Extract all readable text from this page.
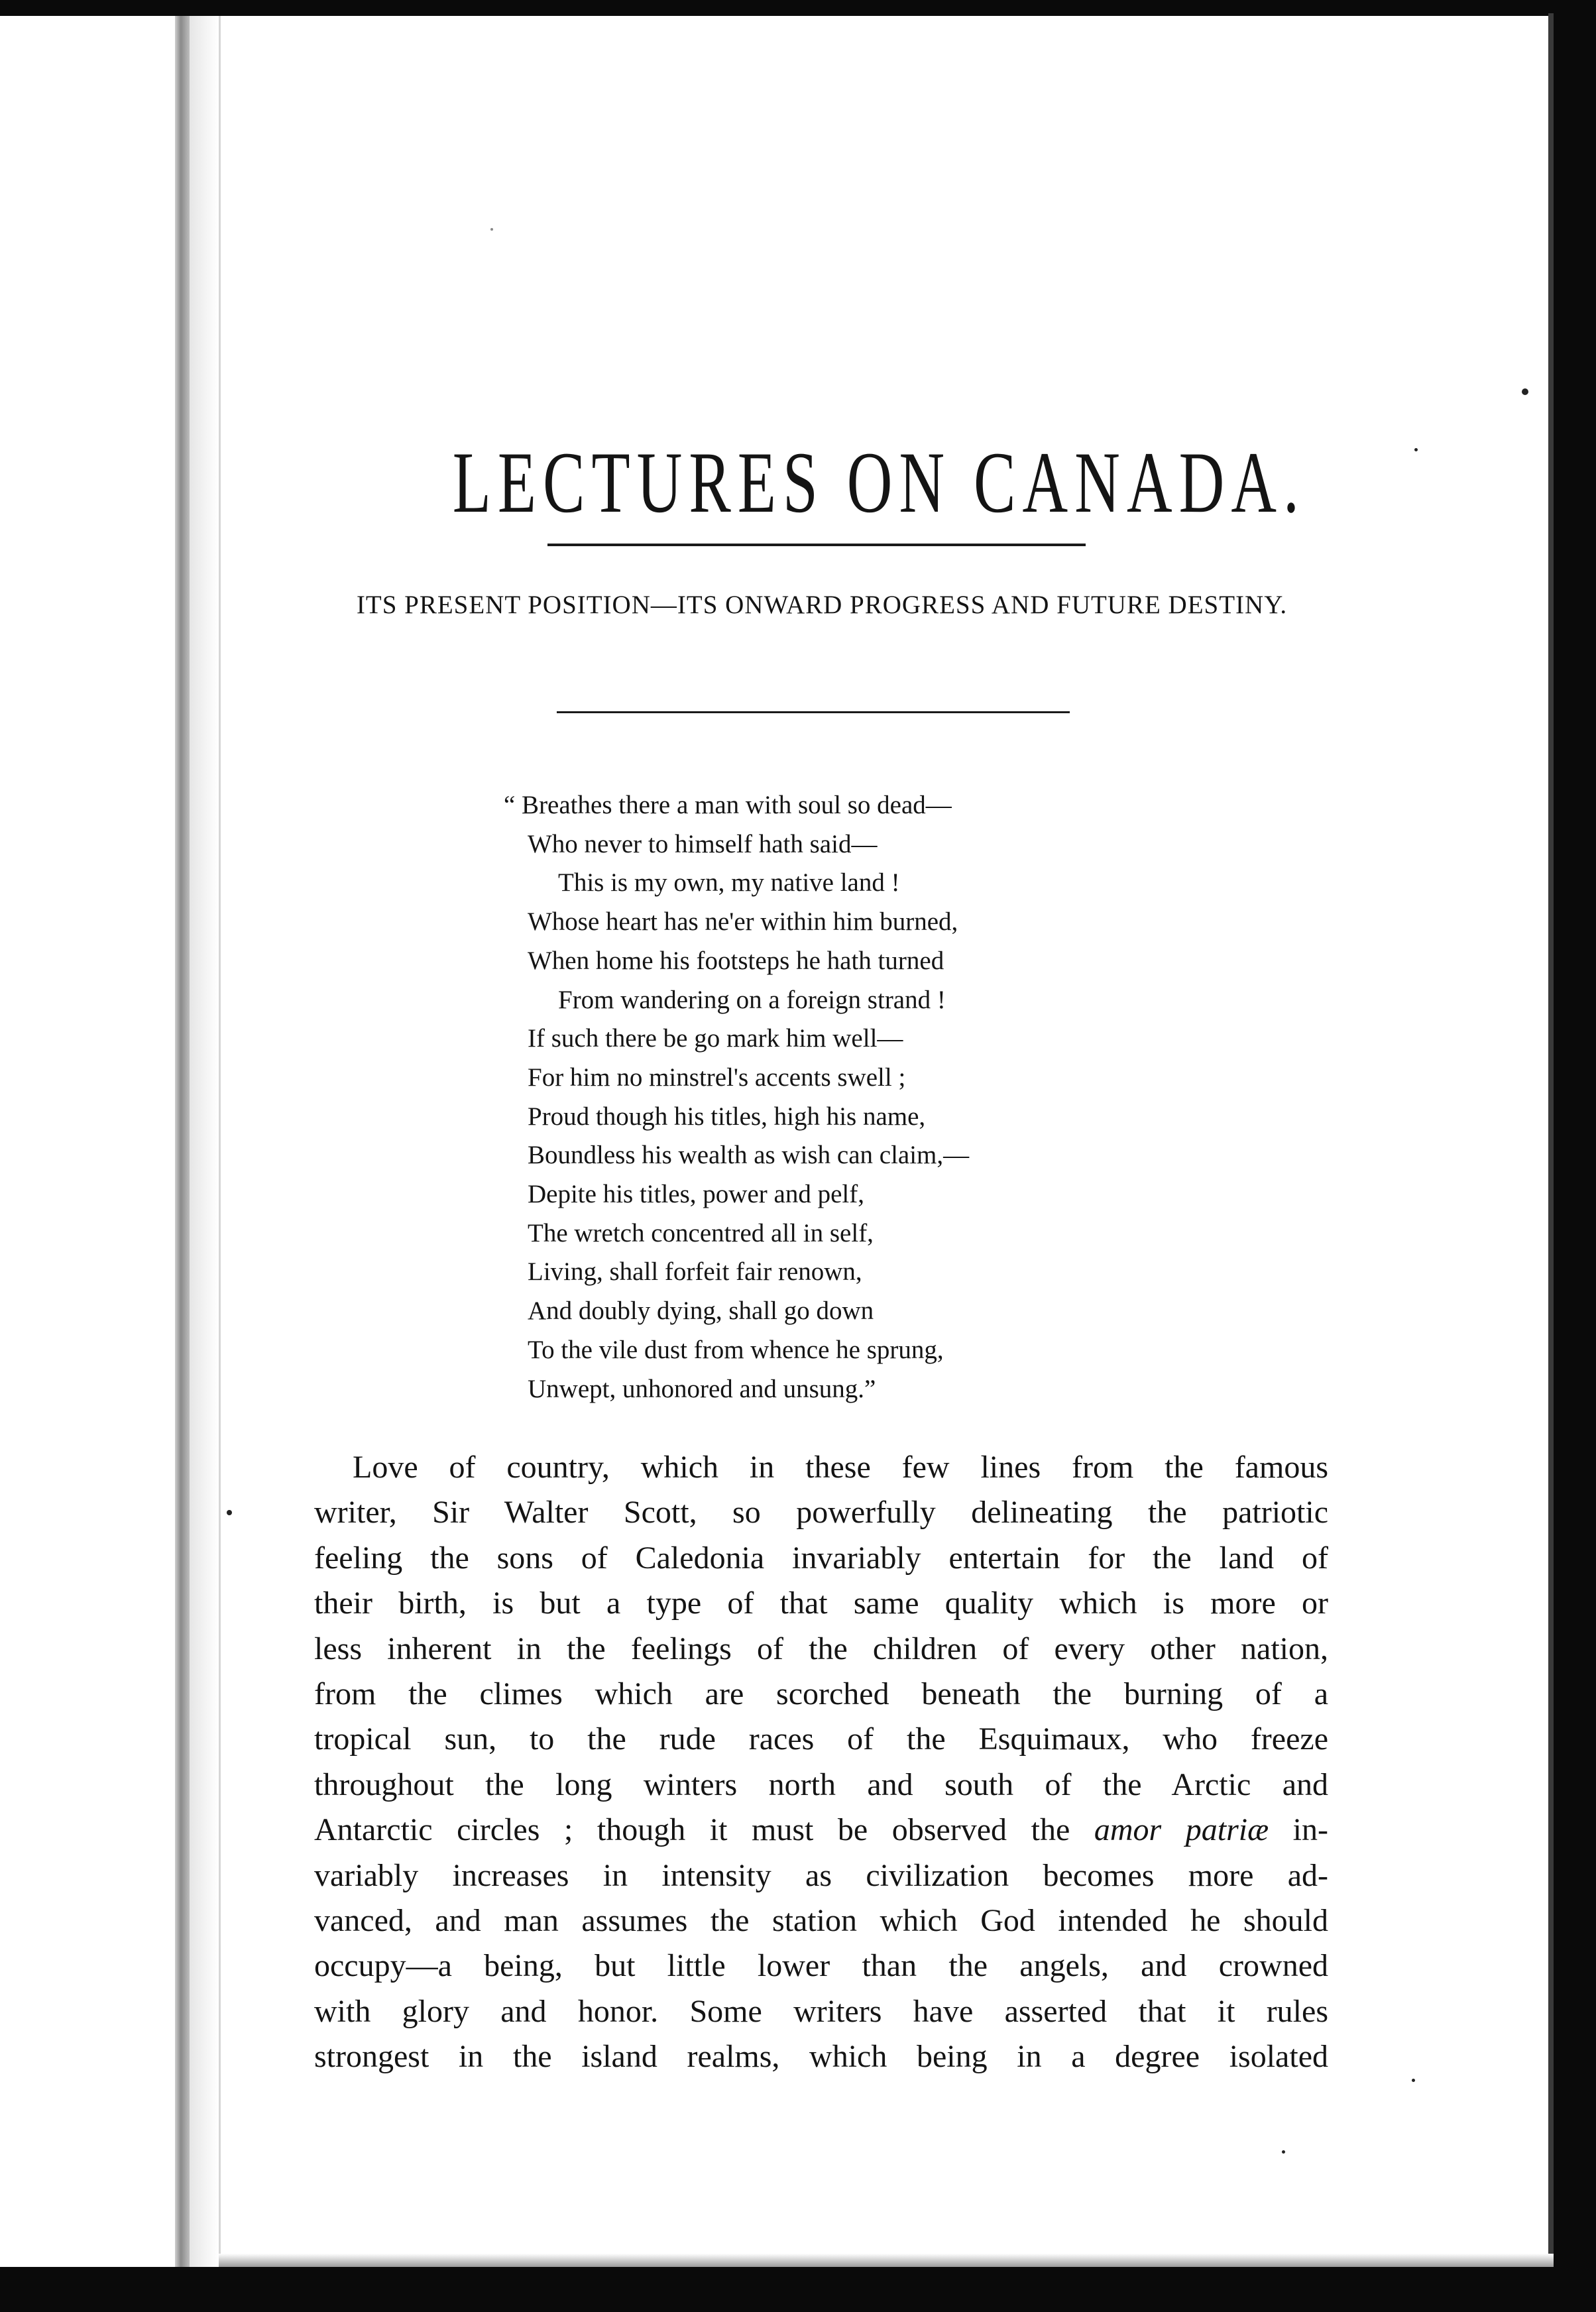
LECTURES ON CANADA.
ITS PRESENT POSITION—ITS ONWARD PROGRESS AND FUTURE DESTINY.
“ Breathes there a man with soul so dead—
Who never to himself hath said—
This is my own, my native land !
Whose heart has ne'er within him burned,
When home his footsteps he hath turned
From wandering on a foreign strand !
If such there be go mark him well—
For him no minstrel's accents swell ;
Proud though his titles, high his name,
Boundless his wealth as wish can claim,—
Depite his titles, power and pelf,
The wretch concentred all in self,
Living, shall forfeit fair renown,
And doubly dying, shall go down
To the vile dust from whence he sprung,
Unwept, unhonored and unsung.”
Love of country, which in these few lines from the famous
writer, Sir Walter Scott, so powerfully delineating the patriotic
feeling the sons of Caledonia invariably entertain for the land of
their birth, is but a type of that same quality which is more or
less inherent in the feelings of the children of every other nation,
from the climes which are scorched beneath the burning of a
tropical sun, to the rude races of the Esquimaux, who freeze
throughout the long winters north and south of the Arctic and
Antarctic circles ; though it must be observed the amor patriæ in-
variably increases in intensity as civilization becomes more ad-
vanced, and man assumes the station which God intended he should
occupy—a being, but little lower than the angels, and crowned
with glory and honor. Some writers have asserted that it rules
strongest in the island realms, which being in a degree isolated
